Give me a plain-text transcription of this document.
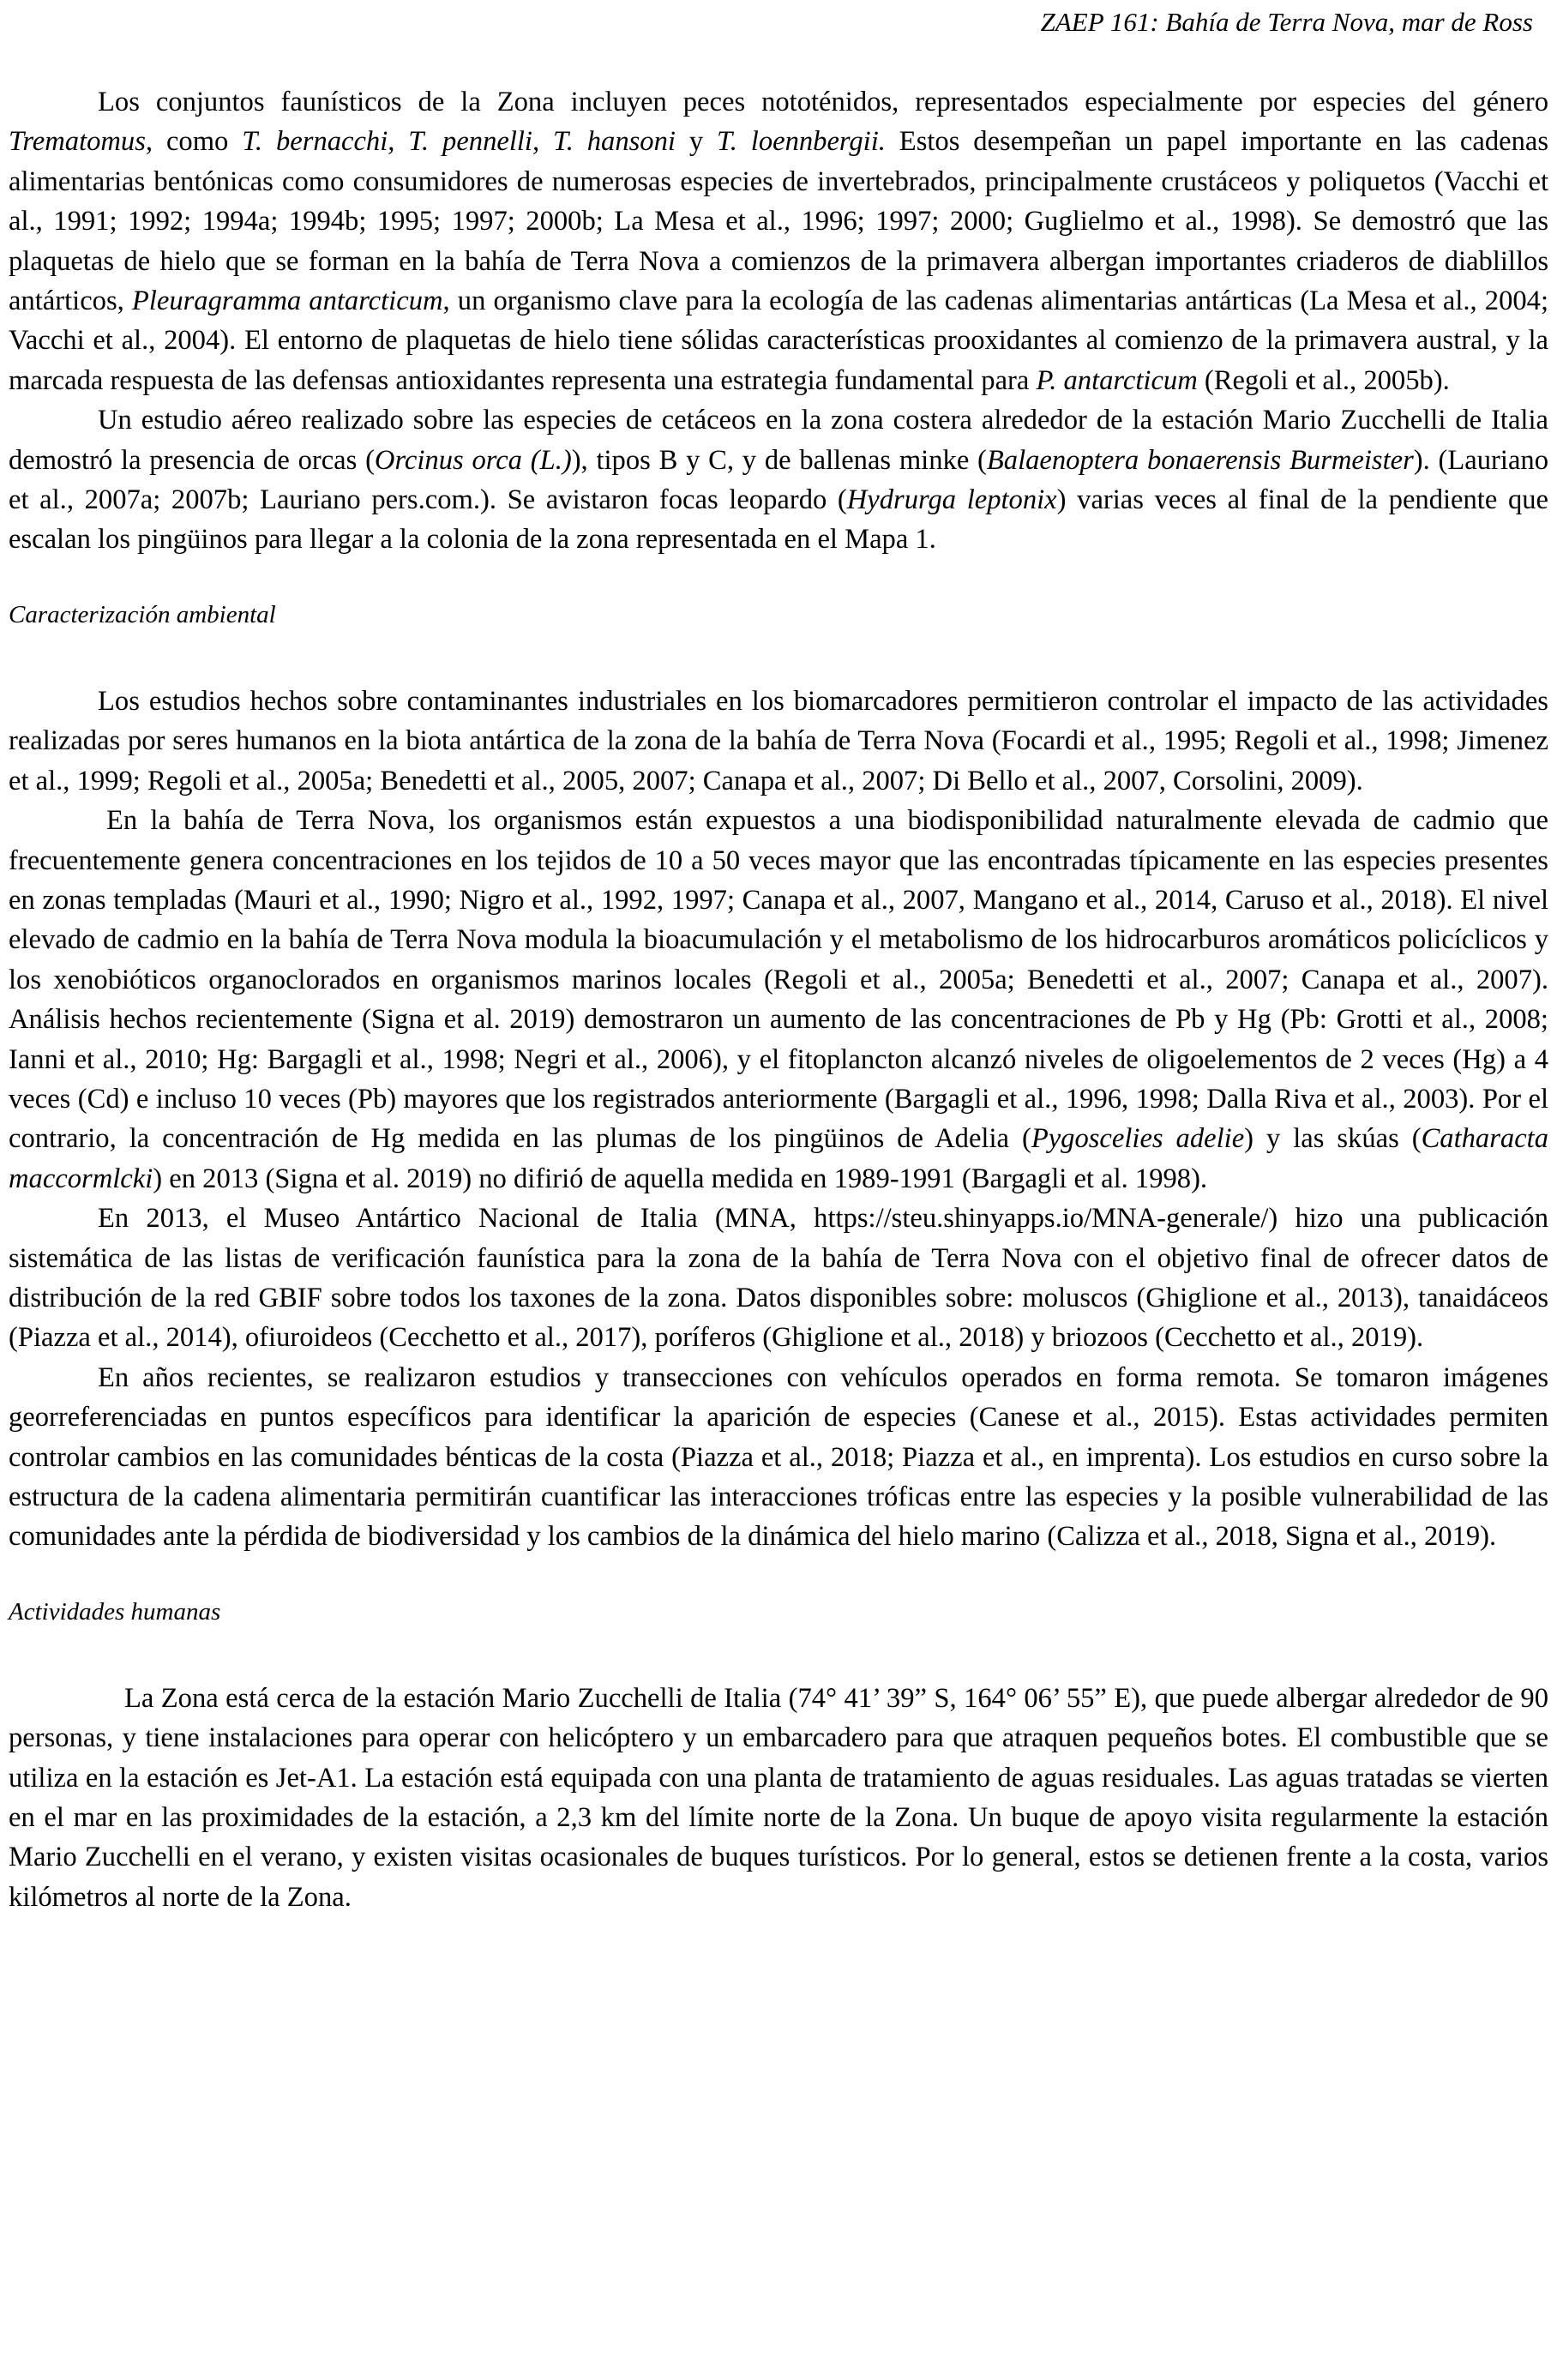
ZAEP 161: Bahía de Terra Nova, mar de Ross

Los conjuntos faunísticos de la Zona incluyen peces nototénidos, representados especialmente por especies del género Trematomus, como T. bernacchi, T. pennelli, T. hansoni y T. loennbergii. Estos desempeñan un papel importante en las cadenas alimentarias bentónicas como consumidores de numerosas especies de invertebrados, principalmente crustáceos y poliquetos (Vacchi et al., 1991; 1992; 1994a; 1994b; 1995; 1997; 2000b; La Mesa et al., 1996; 1997; 2000; Guglielmo et al., 1998). Se demostró que las plaquetas de hielo que se forman en la bahía de Terra Nova a comienzos de la primavera albergan importantes criaderos de diablillos antárticos, Pleuragramma antarcticum, un organismo clave para la ecología de las cadenas alimentarias antárticas (La Mesa et al., 2004; Vacchi et al., 2004). El entorno de plaquetas de hielo tiene sólidas características prooxidantes al comienzo de la primavera austral, y la marcada respuesta de las defensas antioxidantes representa una estrategia fundamental para P. antarcticum (Regoli et al., 2005b).

Un estudio aéreo realizado sobre las especies de cetáceos en la zona costera alrededor de la estación Mario Zucchelli de Italia demostró la presencia de orcas (Orcinus orca (L.)), tipos B y C, y de ballenas minke (Balaenoptera bonaerensis Burmeister). (Lauriano et al., 2007a; 2007b; Lauriano pers.com.). Se avistaron focas leopardo (Hydrurga leptonix) varias veces al final de la pendiente que escalan los pingüinos para llegar a la colonia de la zona representada en el Mapa 1.

Caracterización ambiental

Los estudios hechos sobre contaminantes industriales en los biomarcadores permitieron controlar el impacto de las actividades realizadas por seres humanos en la biota antártica de la zona de la bahía de Terra Nova (Focardi et al., 1995; Regoli et al., 1998; Jimenez et al., 1999; Regoli et al., 2005a; Benedetti et al., 2005, 2007; Canapa et al., 2007; Di Bello et al., 2007, Corsolini, 2009).

En la bahía de Terra Nova, los organismos están expuestos a una biodisponibilidad naturalmente elevada de cadmio que frecuentemente genera concentraciones en los tejidos de 10 a 50 veces mayor que las encontradas típicamente en las especies presentes en zonas templadas (Mauri et al., 1990; Nigro et al., 1992, 1997; Canapa et al., 2007, Mangano et al., 2014, Caruso et al., 2018). El nivel elevado de cadmio en la bahía de Terra Nova modula la bioacumulación y el metabolismo de los hidrocarburos aromáticos policíclicos y los xenobióticos organoclorados en organismos marinos locales (Regoli et al., 2005a; Benedetti et al., 2007; Canapa et al., 2007). Análisis hechos recientemente (Signa et al. 2019) demostraron un aumento de las concentraciones de Pb y Hg (Pb: Grotti et al., 2008; Ianni et al., 2010; Hg: Bargagli et al., 1998; Negri et al., 2006), y el fitoplancton alcanzó niveles de oligoelementos de 2 veces (Hg) a 4 veces (Cd) e incluso 10 veces (Pb) mayores que los registrados anteriormente (Bargagli et al., 1996, 1998; Dalla Riva et al., 2003). Por el contrario, la concentración de Hg medida en las plumas de los pingüinos de Adelia (Pygoscelies adelie) y las skúas (Catharacta maccormlcki) en 2013 (Signa et al. 2019) no difirió de aquella medida en 1989-1991 (Bargagli et al. 1998).

En 2013, el Museo Antártico Nacional de Italia (MNA, https://steu.shinyapps.io/MNA-generale/) hizo una publicación sistemática de las listas de verificación faunística para la zona de la bahía de Terra Nova con el objetivo final de ofrecer datos de distribución de la red GBIF sobre todos los taxones de la zona. Datos disponibles sobre: moluscos (Ghiglione et al., 2013), tanaidáceos (Piazza et al., 2014), ofiuroideos (Cecchetto et al., 2017), poríferos (Ghiglione et al., 2018) y briozoos (Cecchetto et al., 2019).

En años recientes, se realizaron estudios y transecciones con vehículos operados en forma remota. Se tomaron imágenes georreferenciadas en puntos específicos para identificar la aparición de especies (Canese et al., 2015). Estas actividades permiten controlar cambios en las comunidades bénticas de la costa (Piazza et al., 2018; Piazza et al., en imprenta). Los estudios en curso sobre la estructura de la cadena alimentaria permitirán cuantificar las interacciones tróficas entre las especies y la posible vulnerabilidad de las comunidades ante la pérdida de biodiversidad y los cambios de la dinámica del hielo marino (Calizza et al., 2018, Signa et al., 2019).

Actividades humanas

La Zona está cerca de la estación Mario Zucchelli de Italia (74° 41’ 39” S, 164° 06’ 55” E), que puede albergar alrededor de 90 personas, y tiene instalaciones para operar con helicóptero y un embarcadero para que atraquen pequeños botes. El combustible que se utiliza en la estación es Jet-A1. La estación está equipada con una planta de tratamiento de aguas residuales. Las aguas tratadas se vierten en el mar en las proximidades de la estación, a 2,3 km del límite norte de la Zona. Un buque de apoyo visita regularmente la estación Mario Zucchelli en el verano, y existen visitas ocasionales de buques turísticos. Por lo general, estos se detienen frente a la costa, varios kilómetros al norte de la Zona.
